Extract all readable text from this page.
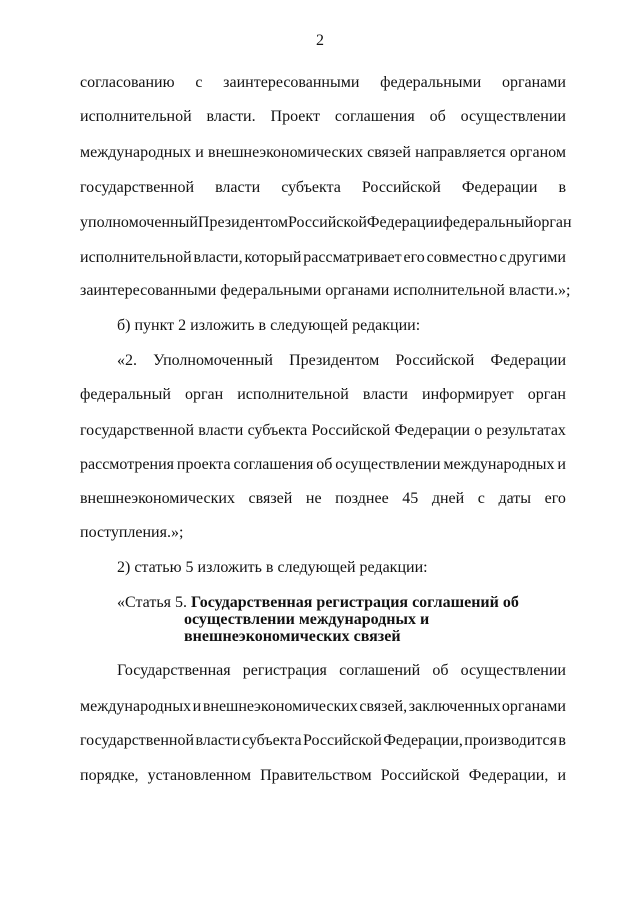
2
согласованию с заинтересованными федеральными органами
исполнительной власти. Проект соглашения об осуществлении
международных и внешнеэкономических связей направляется органом
государственной власти субъекта Российской Федерации в
уполномоченный Президентом Российской Федерации федеральный орган
исполнительной власти, который рассматривает его совместно с другими
заинтересованными федеральными органами исполнительной власти.»;
б) пункт 2 изложить в следующей редакции:
«2. Уполномоченный Президентом Российской Федерации
федеральный орган исполнительной власти информирует орган
государственной власти субъекта Российской Федерации о результатах
рассмотрения проекта соглашения об осуществлении международных и
внешнеэкономических связей не позднее 45 дней с даты его
поступления.»;
2) статью 5 изложить в следующей редакции:
«Статья 5. Государственная регистрация соглашений об
осуществлении международных и
внешнеэкономических связей
Государственная регистрация соглашений об осуществлении
международных и внешнеэкономических связей, заключенных органами
государственной власти субъекта Российской Федерации, производится в
порядке, установленном Правительством Российской Федерации, и
